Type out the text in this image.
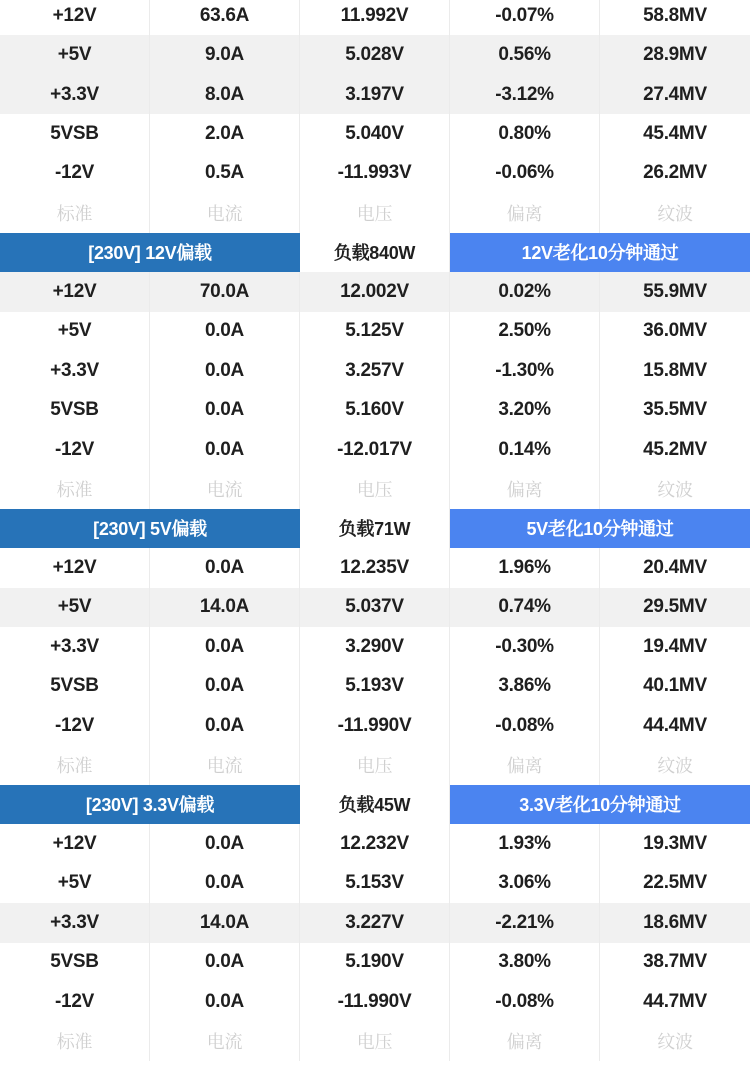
+12V	63.6A	11.992V	-0.07%	58.8MV
+5V	9.0A	5.028V	0.56%	28.9MV
+3.3V	8.0A	3.197V	-3.12%	27.4MV
5VSB	2.0A	5.040V	0.80%	45.4MV
-12V	0.5A	-11.993V	-0.06%	26.2MV
标准	电流	电压	偏离	纹波
[230V] 12V偏载	负载840W	12V老化10分钟通过
+12V	70.0A	12.002V	0.02%	55.9MV
+5V	0.0A	5.125V	2.50%	36.0MV
+3.3V	0.0A	3.257V	-1.30%	15.8MV
5VSB	0.0A	5.160V	3.20%	35.5MV
-12V	0.0A	-12.017V	0.14%	45.2MV
标准	电流	电压	偏离	纹波
[230V] 5V偏载	负载71W	5V老化10分钟通过
+12V	0.0A	12.235V	1.96%	20.4MV
+5V	14.0A	5.037V	0.74%	29.5MV
+3.3V	0.0A	3.290V	-0.30%	19.4MV
5VSB	0.0A	5.193V	3.86%	40.1MV
-12V	0.0A	-11.990V	-0.08%	44.4MV
标准	电流	电压	偏离	纹波
[230V] 3.3V偏载	负载45W	3.3V老化10分钟通过
+12V	0.0A	12.232V	1.93%	19.3MV
+5V	0.0A	5.153V	3.06%	22.5MV
+3.3V	14.0A	3.227V	-2.21%	18.6MV
5VSB	0.0A	5.190V	3.80%	38.7MV
-12V	0.0A	-11.990V	-0.08%	44.7MV
标准	电流	电压	偏离	纹波
